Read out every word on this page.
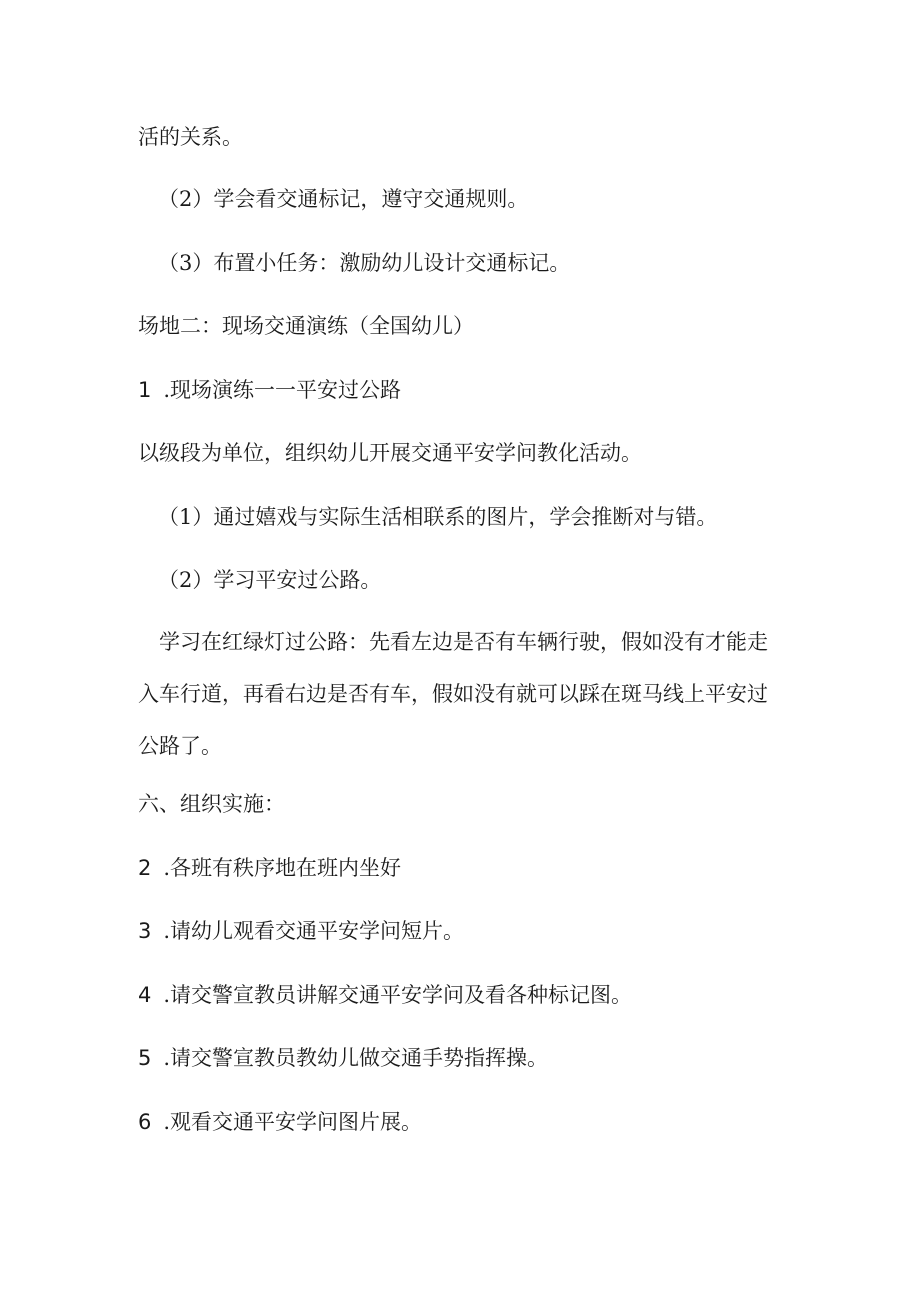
活的关系。
（2）学会看交通标记，遵守交通规则。
（3）布置小任务：激励幼儿设计交通标记。
场地二：现场交通演练（全国幼儿）
1 .现场演练一一平安过公路
以级段为单位，组织幼儿开展交通平安学问教化活动。
（1）通过嬉戏与实际生活相联系的图片，学会推断对与错。
（2）学习平安过公路。
学习在红绿灯过公路：先看左边是否有车辆行驶，假如没有才能走入车行道，再看右边是否有车，假如没有就可以踩在斑马线上平安过公路了。
六、组织实施：
2 .各班有秩序地在班内坐好
3 .请幼儿观看交通平安学问短片。
4 .请交警宣教员讲解交通平安学问及看各种标记图。
5 .请交警宣教员教幼儿做交通手势指挥操。
6 .观看交通平安学问图片展。
